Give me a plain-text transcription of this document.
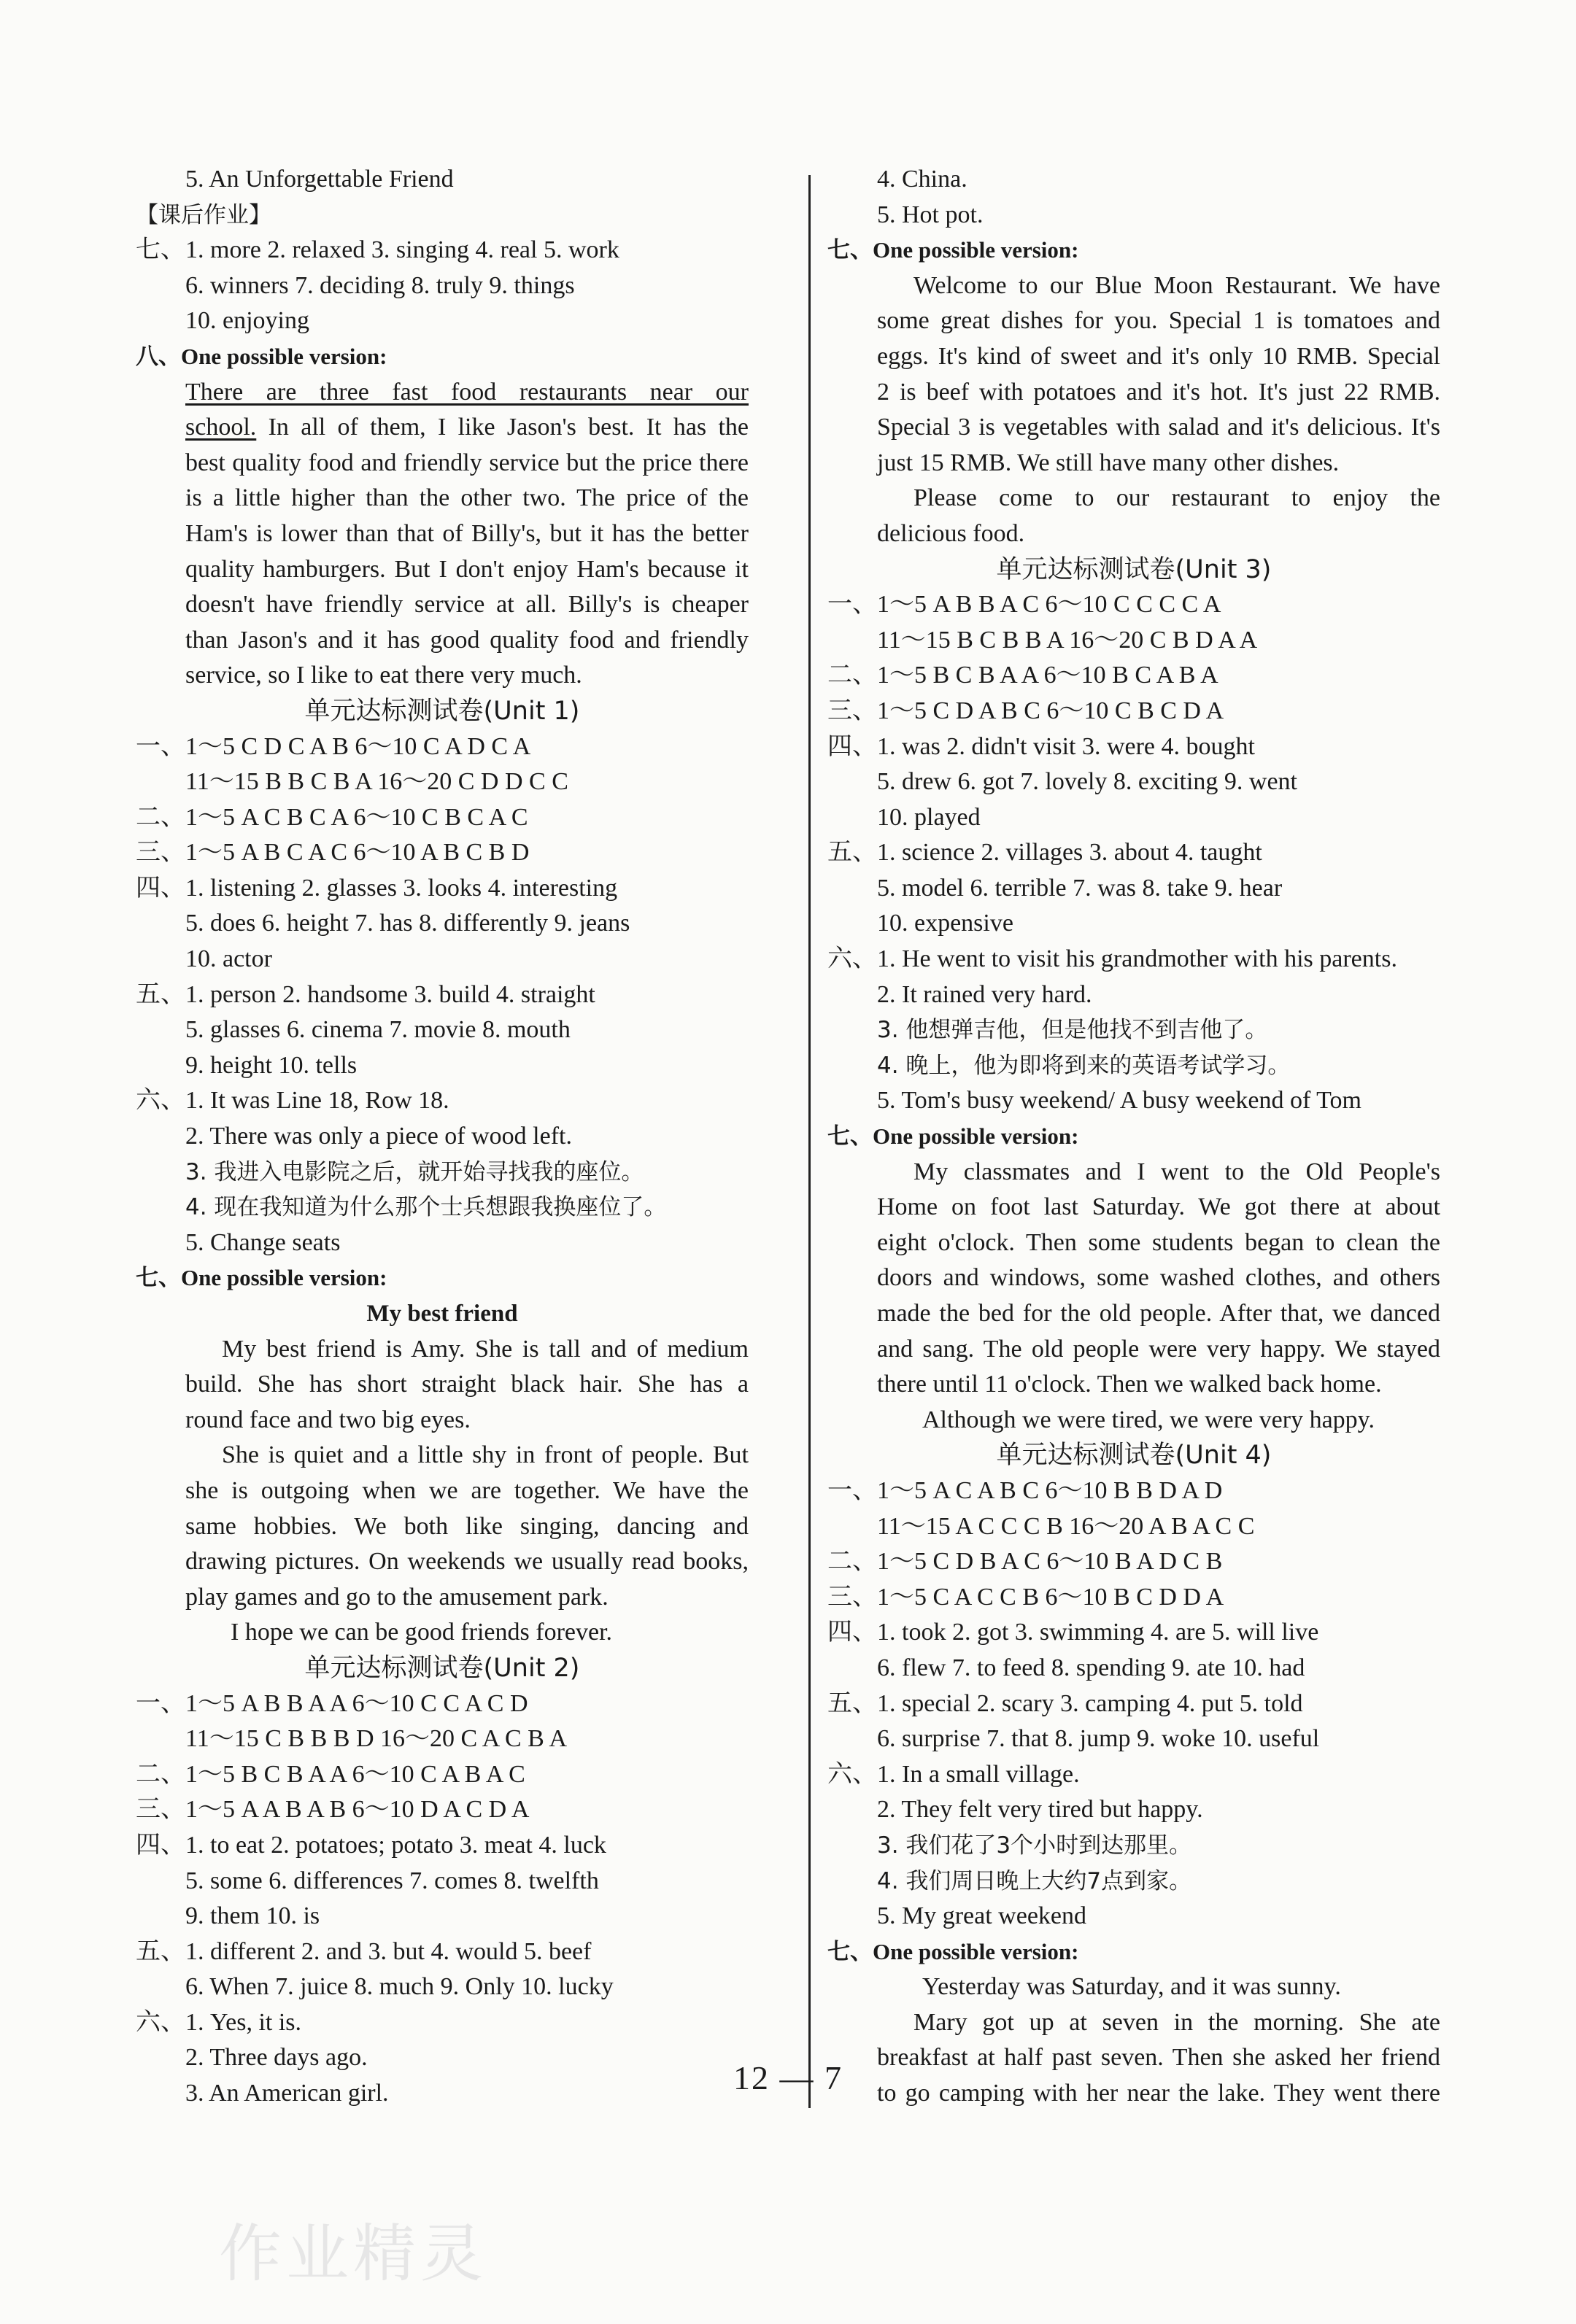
5. An Unforgettable Friend
【课后作业】
七、1. more 2. relaxed 3. singing 4. real 5. work
6. winners 7. deciding 8. truly 9. things
10. enjoying
八、One possible version:
There are three fast food restaurants near our
school. In all of them, I like Jason's best. It has the
best quality food and friendly service but the price there
is a little higher than the other two. The price of the
Ham's is lower than that of Billy's, but it has the better
quality hamburgers. But I don't enjoy Ham's because it
doesn't have friendly service at all. Billy's is cheaper
than Jason's and it has good quality food and friendly
service, so I like to eat there very much.
单元达标测试卷(Unit 1)
一、1～5 C D C A B 6～10 C A D C A
11～15 B B C B A 16～20 C D D C C
二、1～5 A C B C A 6～10 C B C A C
三、1～5 A B C A C 6～10 A B C B D
四、1. listening 2. glasses 3. looks 4. interesting
5. does 6. height 7. has 8. differently 9. jeans
10. actor
五、1. person 2. handsome 3. build 4. straight
5. glasses 6. cinema 7. movie 8. mouth
9. height 10. tells
六、1. It was Line 18, Row 18.
2. There was only a piece of wood left.
3. 我进入电影院之后，就开始寻找我的座位。
4. 现在我知道为什么那个士兵想跟我换座位了。
5. Change seats
七、One possible version:
My best friend
My best friend is Amy. She is tall and of medium
build. She has short straight black hair. She has a
round face and two big eyes.
She is quiet and a little shy in front of people. But
she is outgoing when we are together. We have the
same hobbies. We both like singing, dancing and
drawing pictures. On weekends we usually read books,
play games and go to the amusement park.
I hope we can be good friends forever.
单元达标测试卷(Unit 2)
一、1～5 A B B A A 6～10 C C A C D
11～15 C B B B D 16～20 C A C B A
二、1～5 B C B A A 6～10 C A B A C
三、1～5 A A B A B 6～10 D A C D A
四、1. to eat 2. potatoes; potato 3. meat 4. luck
5. some 6. differences 7. comes 8. twelfth
9. them 10. is
五、1. different 2. and 3. but 4. would 5. beef
6. When 7. juice 8. much 9. Only 10. lucky
六、1. Yes, it is.
2. Three days ago.
3. An American girl.
4. China.
5. Hot pot.
七、One possible version:
Welcome to our Blue Moon Restaurant. We have
some great dishes for you. Special 1 is tomatoes and
eggs. It's kind of sweet and it's only 10 RMB. Special
2 is beef with potatoes and it's hot. It's just 22 RMB.
Special 3 is vegetables with salad and it's delicious. It's
just 15 RMB. We still have many other dishes.
Please come to our restaurant to enjoy the
delicious food.
单元达标测试卷(Unit 3)
一、1～5 A B B A C 6～10 C C C C A
11～15 B C B B A 16～20 C B D A A
二、1～5 B C B A A 6～10 B C A B A
三、1～5 C D A B C 6～10 C B C D A
四、1. was 2. didn't visit 3. were 4. bought
5. drew 6. got 7. lovely 8. exciting 9. went
10. played
五、1. science 2. villages 3. about 4. taught
5. model 6. terrible 7. was 8. take 9. hear
10. expensive
六、1. He went to visit his grandmother with his parents.
2. It rained very hard.
3. 他想弹吉他，但是他找不到吉他了。
4. 晚上，他为即将到来的英语考试学习。
5. Tom's busy weekend/ A busy weekend of Tom
七、One possible version:
My classmates and I went to the Old People's
Home on foot last Saturday. We got there at about
eight o'clock. Then some students began to clean the
doors and windows, some washed clothes, and others
made the bed for the old people. After that, we danced
and sang. The old people were very happy. We stayed
there until 11 o'clock. Then we walked back home.
Although we were tired, we were very happy.
单元达标测试卷(Unit 4)
一、1～5 A C A B C 6～10 B B D A D
11～15 A C C C B 16～20 A B A C C
二、1～5 C D B A C 6～10 B A D C B
三、1～5 C A C C B 6～10 B C D D A
四、1. took 2. got 3. swimming 4. are 5. will live
6. flew 7. to feed 8. spending 9. ate 10. had
五、1. special 2. scary 3. camping 4. put 5. told
6. surprise 7. that 8. jump 9. woke 10. useful
六、1. In a small village.
2. They felt very tired but happy.
3. 我们花了3个小时到达那里。
4. 我们周日晚上大约7点到家。
5. My great weekend
七、One possible version:
Yesterday was Saturday, and it was sunny.
Mary got up at seven in the morning. She ate
breakfast at half past seven. Then she asked her friend
to go camping with her near the lake. They went there
12 — 7
作业精灵
